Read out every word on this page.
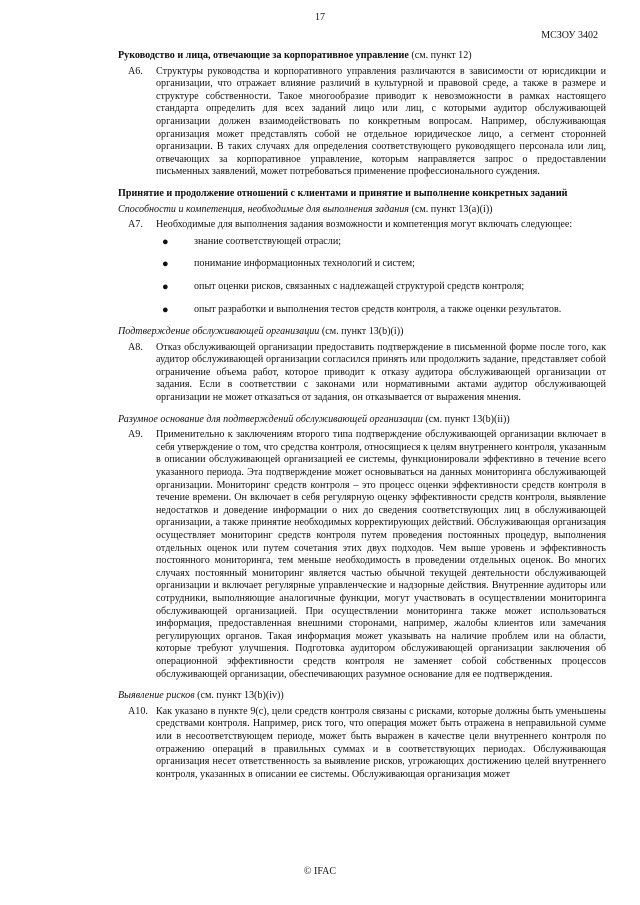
17
МСЗОУ 3402
Руководство и лица, отвечающие за корпоративное управление (см. пункт 12)
А6. Структуры руководства и корпоративного управления различаются в зависимости от юрисдикции и организации, что отражает влияние различий в культурной и правовой среде, а также в размере и структуре собственности. Такое многообразие приводит к невозможности в рамках настоящего стандарта определить для всех заданий лицо или лиц, с которыми аудитор обслуживающей организации должен взаимодействовать по конкретным вопросам. Например, обслуживающая организация может представлять собой не отдельное юридическое лицо, а сегмент сторонней организации. В таких случаях для определения соответствующего руководящего персонала или лиц, отвечающих за корпоративное управление, которым направляется запрос о предоставлении письменных заявлений, может потребоваться применение профессионального суждения.
Принятие и продолжение отношений с клиентами и принятие и выполнение конкретных заданий
Способности и компетенция, необходимые для выполнения задания (см. пункт 13(а)(i))
А7. Необходимые для выполнения задания возможности и компетенция могут включать следующее:
●	знание соответствующей отрасли;
●	понимание информационных технологий и систем;
●	опыт оценки рисков, связанных с надлежащей структурой средств контроля;
●	опыт разработки и выполнения тестов средств контроля, а также оценки результатов.
Подтверждение обслуживающей организации (см. пункт 13(b)(i))
А8. Отказ обслуживающей организации предоставить подтверждение в письменной форме после того, как аудитор обслуживающей организации согласился принять или продолжить задание, представляет собой ограничение объема работ, которое приводит к отказу аудитора обслуживающей организации от задания. Если в соответствии с законами или нормативными актами аудитор обслуживающей организации не может отказаться от задания, он отказывается от выражения мнения.
Разумное основание для подтверждений обслуживающей организации (см. пункт 13(b)(ii))
А9. Применительно к заключениям второго типа подтверждение обслуживающей организации включает в себя утверждение о том, что средства контроля, относящиеся к целям внутреннего контроля, указанным в описании обслуживающей организацией ее системы, функционировали эффективно в течение всего указанного периода. Эта подтверждение может основываться на данных мониторинга обслуживающей организации. Мониторинг средств контроля – это процесс оценки эффективности средств контроля в течение времени. Он включает в себя регулярную оценку эффективности средств контроля, выявление недостатков и доведение информации о них до сведения соответствующих лиц в обслуживающей организации, а также принятие необходимых корректирующих действий. Обслуживающая организация осуществляет мониторинг средств контроля путем проведения постоянных процедур, выполнения отдельных оценок или путем сочетания этих двух подходов. Чем выше уровень и эффективность постоянного мониторинга, тем меньше необходимость в проведении отдельных оценок. Во многих случаях постоянный мониторинг является частью обычной текущей деятельности обслуживающей организации и включает регулярные управленческие и надзорные действия. Внутренние аудиторы или сотрудники, выполняющие аналогичные функции, могут участвовать в осуществлении мониторинга обслуживающей организацией. При осуществлении мониторинга также может использоваться информация, предоставленная внешними сторонами, например, жалобы клиентов или замечания регулирующих органов. Такая информация может указывать на наличие проблем или на области, которые требуют улучшения. Подготовка аудитором обслуживающей организации заключения об операционной эффективности средств контроля не заменяет собой собственных процессов обслуживающей организации, обеспечивающих разумное основание для ее подтверждения.
Выявление рисков (см. пункт 13(b)(iv))
А10. Как указано в пункте 9(с), цели средств контроля связаны с рисками, которые должны быть уменьшены средствами контроля. Например, риск того, что операция может быть отражена в неправильной сумме или в несоответствующем периоде, может быть выражен в качестве цели внутреннего контроля по отражению операций в правильных суммах и в соответствующих периодах. Обслуживающая организация несет ответственность за выявление рисков, угрожающих достижению целей внутреннего контроля, указанных в описании ее системы. Обслуживающая организация может
© IFAC
